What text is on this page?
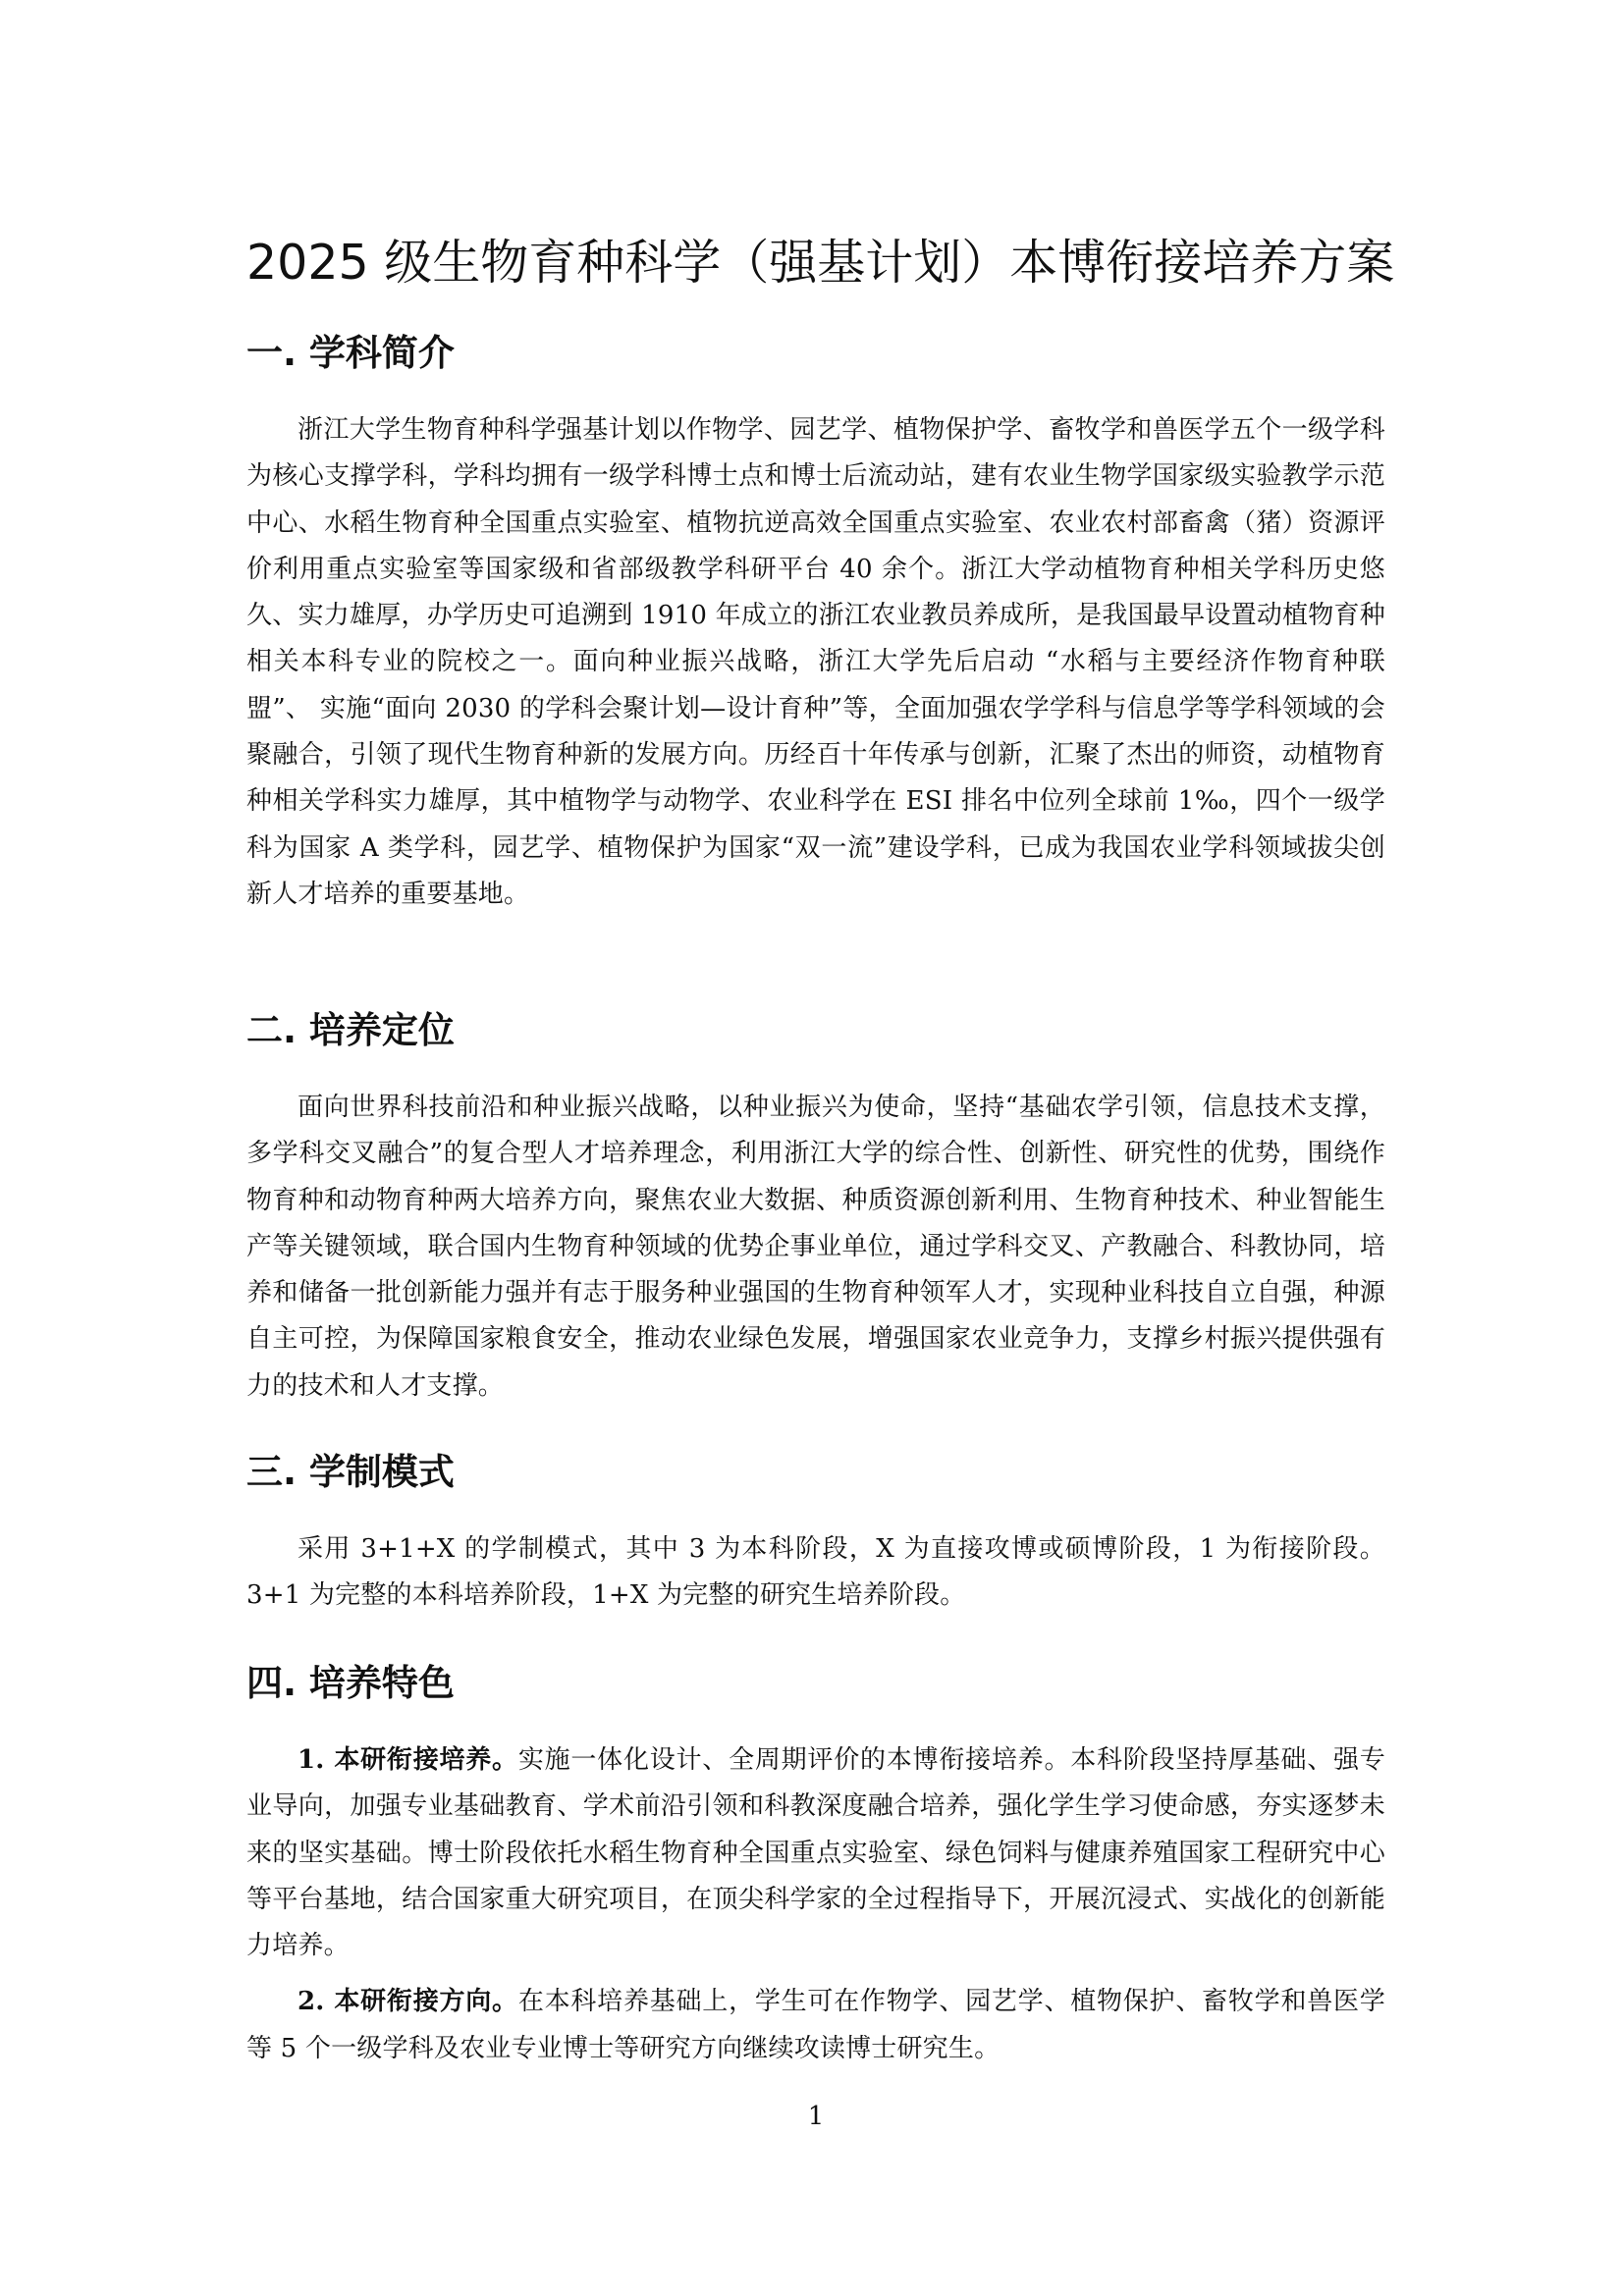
2025 级生物育种科学（强基计划）本博衔接培养方案
一. 学科简介

浙江大学生物育种科学强基计划以作物学、园艺学、植物保护学、畜牧学和兽医学五个一级学科为核心支撑学科，学科均拥有一级学科博士点和博士后流动站，建有农业生物学国家级实验教学示范中心、水稻生物育种全国重点实验室、植物抗逆高效全国重点实验室、农业农村部畜禽（猪）资源评价利用重点实验室等国家级和省部级教学科研平台 40 余个。浙江大学动植物育种相关学科历史悠久、实力雄厚，办学历史可追溯到 1910 年成立的浙江农业教员养成所，是我国最早设置动植物育种相关本科专业的院校之一。面向种业振兴战略，浙江大学先后启动 “水稻与主要经济作物育种联盟”、 实施“面向 2030 的学科会聚计划—设计育种”等，全面加强农学学科与信息学等学科领域的会聚融合，引领了现代生物育种新的发展方向。历经百十年传承与创新，汇聚了杰出的师资，动植物育种相关学科实力雄厚，其中植物学与动物学、农业科学在 ESI 排名中位列全球前 1‰，四个一级学科为国家 A 类学科，园艺学、植物保护为国家“双一流”建设学科，已成为我国农业学科领域拔尖创新人才培养的重要基地。

二. 培养定位

面向世界科技前沿和种业振兴战略，以种业振兴为使命，坚持“基础农学引领，信息技术支撑，多学科交叉融合”的复合型人才培养理念，利用浙江大学的综合性、创新性、研究性的优势，围绕作物育种和动物育种两大培养方向，聚焦农业大数据、种质资源创新利用、生物育种技术、种业智能生产等关键领域，联合国内生物育种领域的优势企事业单位，通过学科交叉、产教融合、科教协同，培养和储备一批创新能力强并有志于服务种业强国的生物育种领军人才，实现种业科技自立自强，种源自主可控，为保障国家粮食安全，推动农业绿色发展，增强国家农业竞争力，支撑乡村振兴提供强有力的技术和人才支撑。

三. 学制模式

采用 3+1+X 的学制模式，其中 3 为本科阶段，X 为直接攻博或硕博阶段，1 为衔接阶段。3+1 为完整的本科培养阶段，1+X 为完整的研究生培养阶段。

四. 培养特色

1. 本研衔接培养。实施一体化设计、全周期评价的本博衔接培养。本科阶段坚持厚基础、强专业导向，加强专业基础教育、学术前沿引领和科教深度融合培养，强化学生学习使命感，夯实逐梦未来的坚实基础。博士阶段依托水稻生物育种全国重点实验室、绿色饲料与健康养殖国家工程研究中心等平台基地，结合国家重大研究项目，在顶尖科学家的全过程指导下，开展沉浸式、实战化的创新能力培养。

2. 本研衔接方向。在本科培养基础上，学生可在作物学、园艺学、植物保护、畜牧学和兽医学等 5 个一级学科及农业专业博士等研究方向继续攻读博士研究生。

1
